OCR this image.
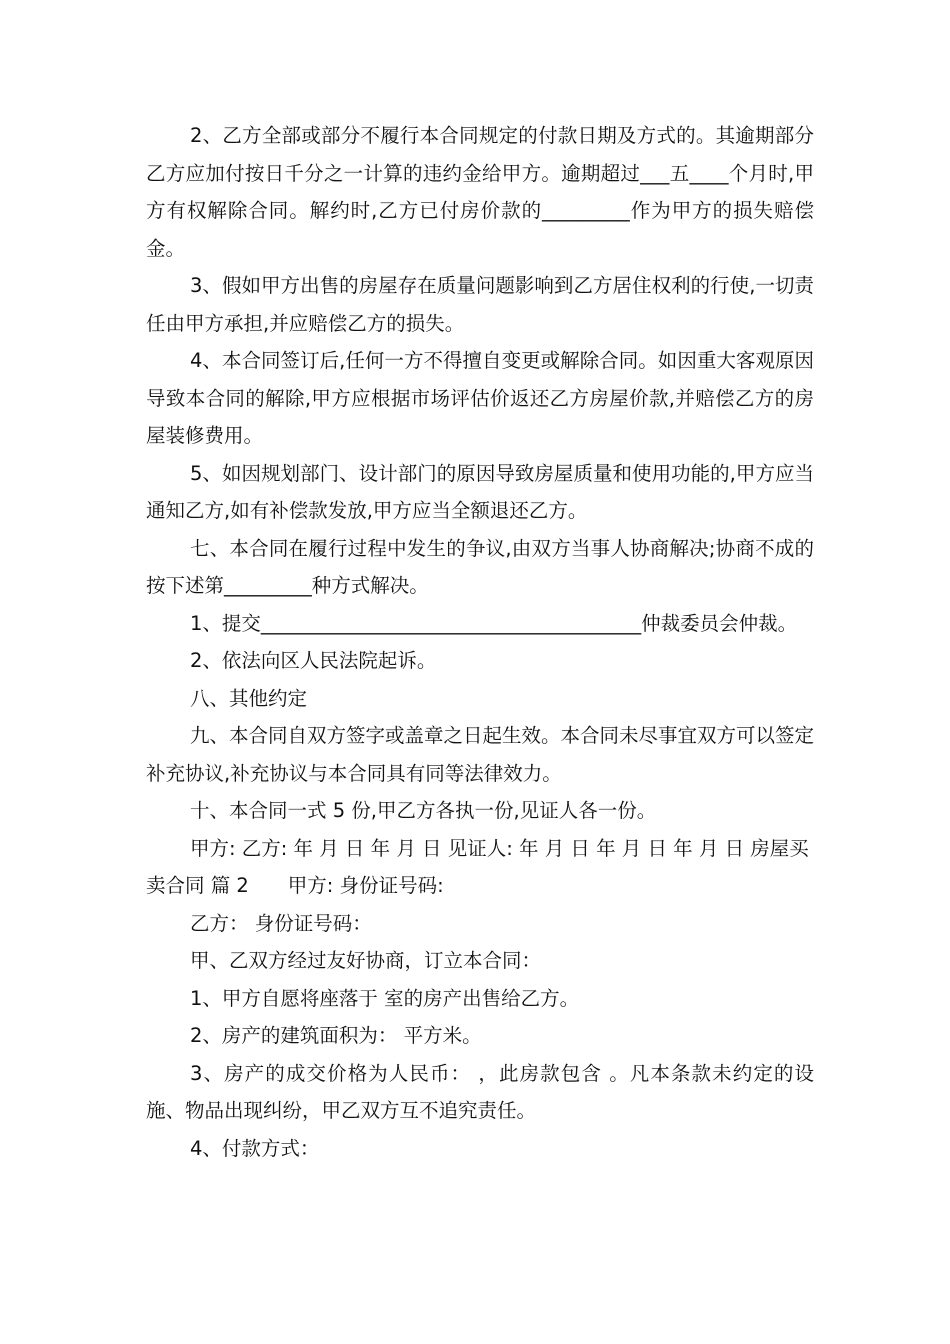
2、乙方全部或部分不履行本合同规定的付款日期及方式的。其逾期部分乙方应加付按日千分之一计算的违约金给甲方。逾期超过___五____个月时,甲方有权解除合同。解约时,乙方已付房价款的_________作为甲方的损失赔偿金。

3、假如甲方出售的房屋存在质量问题影响到乙方居住权利的行使,一切责任由甲方承担,并应赔偿乙方的损失。

4、本合同签订后,任何一方不得擅自变更或解除合同。如因重大客观原因导致本合同的解除,甲方应根据市场评估价返还乙方房屋价款,并赔偿乙方的房屋装修费用。

5、如因规划部门、设计部门的原因导致房屋质量和使用功能的,甲方应当通知乙方,如有补偿款发放,甲方应当全额退还乙方。

七、本合同在履行过程中发生的争议,由双方当事人协商解决;协商不成的按下述第_________种方式解决。

1、提交_______________________________________仲裁委员会仲裁。

2、依法向区人民法院起诉。

八、其他约定

九、本合同自双方签字或盖章之日起生效。本合同未尽事宜双方可以签定补充协议,补充协议与本合同具有同等法律效力。

十、本合同一式 5 份,甲乙方各执一份,见证人各一份。

甲方: 乙方: 年 月 日 年 月 日 见证人: 年 月 日 年 月 日 年 月 日 房屋买卖合同 篇 2　　甲方: 身份证号码:

乙方： 身份证号码：

甲、乙双方经过友好协商，订立本合同：

1、甲方自愿将座落于 室的房产出售给乙方。

2、房产的建筑面积为： 平方米。

3、房产的成交价格为人民币： ，此房款包含 。凡本条款未约定的设施、物品出现纠纷，甲乙双方互不追究责任。

4、付款方式：
